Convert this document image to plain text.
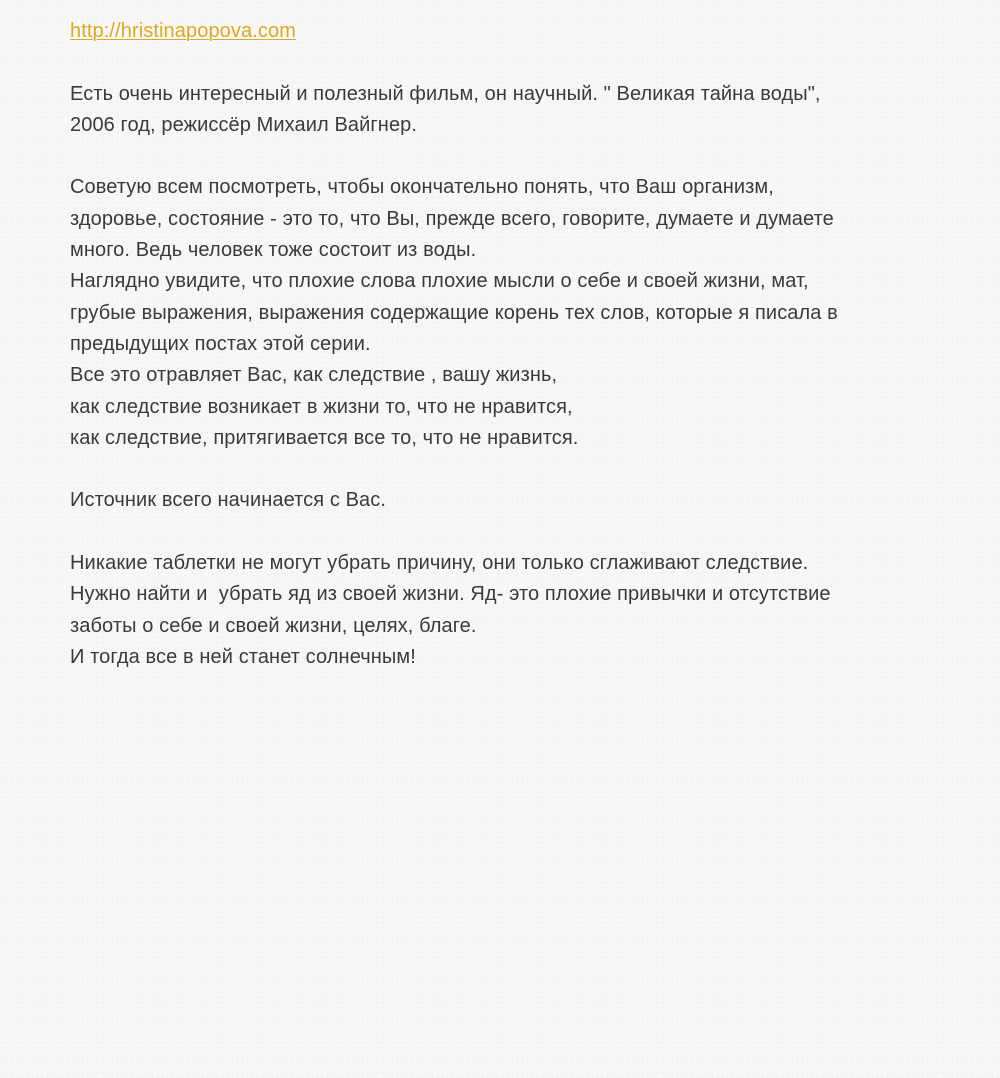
http://hristinapopova.com
Есть очень интересный и полезный фильм, он научный. " Великая тайна воды",
2006 год, режиссёр Михаил Вайгнер.
Советую всем посмотреть, чтобы окончательно понять, что Ваш организм,
здоровье, состояние - это то, что Вы, прежде всего, говорите, думаете и думаете
много. Ведь человек тоже состоит из воды.
Наглядно увидите, что плохие слова плохие мысли о себе и своей жизни, мат,
грубые выражения, выражения содержащие корень тех слов, которые я писала в
предыдущих постах этой серии.
Все это отравляет Вас, как следствие , вашу жизнь,
как следствие возникает в жизни то, что не нравится,
как следствие, притягивается все то, что не нравится.
Источник всего начинается с Вас.
Никакие таблетки не могут убрать причину, они только сглаживают следствие.
Нужно найти и  убрать яд из своей жизни. Яд- это плохие привычки и отсутствие
заботы о себе и своей жизни, целях, благе.
И тогда все в ней станет солнечным!
